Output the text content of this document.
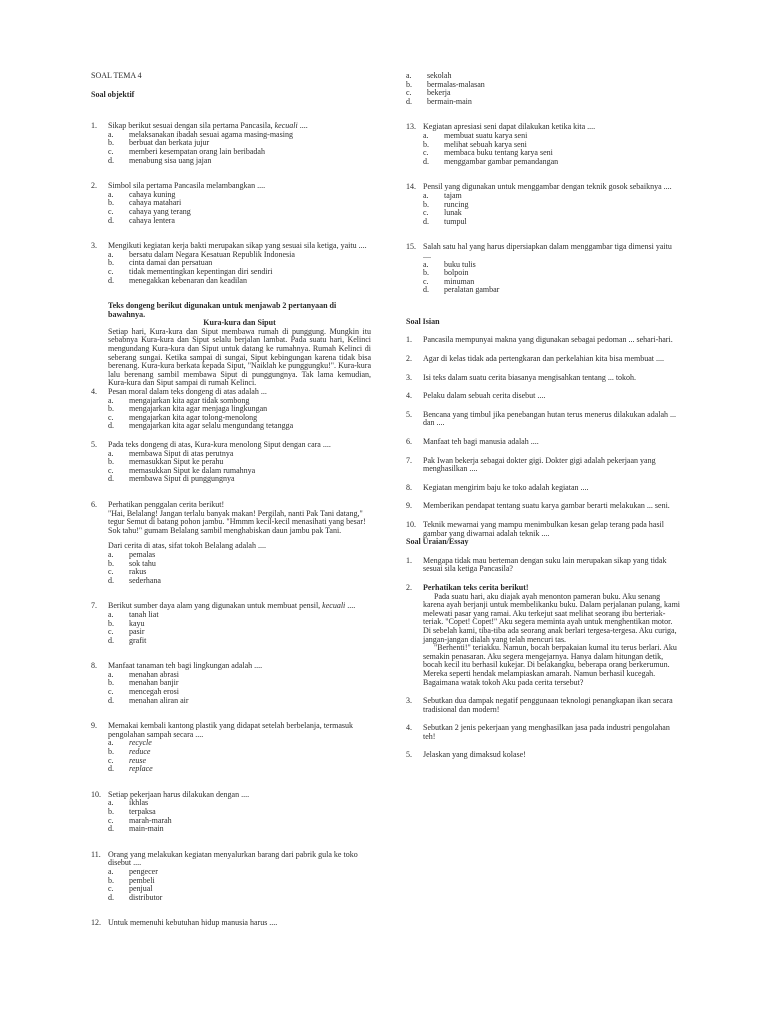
SOAL TEMA 4
Soal objektif
1. Sikap berikut sesuai dengan sila pertama Pancasila, kecuali ....
a. melaksanakan ibadah sesuai agama masing-masing
b. berbuat dan berkata jujur
c. memberi kesempatan orang lain beribadah
d. menabung sisa uang jajan
2. Simbol sila pertama Pancasila melambangkan ....
a. cahaya kuning
b. cahaya matahari
c. cahaya yang terang
d. cahaya lentera
3. Mengikuti kegiatan kerja bakti merupakan sikap yang sesuai sila ketiga, yaitu ....
a. bersatu dalam Negara Kesatuan Republik Indonesia
b. cinta damai dan persatuan
c. tidak mementingkan kepentingan diri sendiri
d. menegakkan kebenaran dan keadilan
Teks dongeng berikut digunakan untuk menjawab 2 pertanyaan di bawahnya.
Kura-kura dan Siput
Setiap hari, Kura-kura dan Siput membawa rumah di punggung. Mungkin itu sebabnya Kura-kura dan Siput selalu berjalan lambat. Pada suatu hari, Kelinci mengundang Kura-kura dan Siput untuk datang ke rumahnya. Rumah Kelinci di seberang sungai. Ketika sampai di sungai, Siput kebingungan karena tidak bisa berenang. Kura-kura berkata kepada Siput, "Naiklah ke punggungku!". Kura-kura lalu berenang sambil membawa Siput di punggungnya. Tak lama kemudian, Kura-kura dan Siput sampai di rumah Kelinci.
4. Pesan moral dalam teks dongeng di atas adalah ...
a. mengajarkan kita agar tidak sombong
b. mengajarkan kita agar menjaga lingkungan
c. mengajarkan kita agar tolong-menolong
d. mengajarkan kita agar selalu mengundang tetangga
5. Pada teks dongeng di atas, Kura-kura menolong Siput dengan cara ....
a. membawa Siput di atas perutnya
b. memasukkan Siput ke perahu
c. memasukkan Siput ke dalam rumahnya
d. membawa Siput di punggungnya
6. Perhatikan penggalan cerita berikut!
"Hai, Belalang! Jangan terlalu banyak makan! Pergilah, nanti Pak Tani datang," tegur Semut di batang pohon jambu. "Hmmm kecil-kecil menasihati yang besar! Sok tahu!" gumam Belalang sambil menghabiskan daun jambu pak Tani.
Dari cerita di atas, sifat tokoh Belalang adalah ....
a. pemalas
b. sok tahu
c. rakus
d. sederhana
7. Berikut sumber daya alam yang digunakan untuk membuat pensil, kecuali ....
a. tanah liat
b. kayu
c. pasir
d. grafit
8. Manfaat tanaman teh bagi lingkungan adalah ....
a. menahan abrasi
b. menahan banjir
c. mencegah erosi
d. menahan aliran air
9. Memakai kembali kantong plastik yang didapat setelah berbelanja, termasuk pengolahan sampah secara ....
a. recycle
b. reduce
c. reuse
d. replace
10. Setiap pekerjaan harus dilakukan dengan ....
a. ikhlas
b. terpaksa
c. marah-marah
d. main-main
11. Orang yang melakukan kegiatan menyalurkan barang dari pabrik gula ke toko disebut ....
a. pengecer
b. pembeli
c. penjual
d. distributor
12. Untuk memenuhi kebutuhan hidup manusia harus ....
a. sekolah
b. bermalas-malasan
c. bekerja
d. bermain-main
13. Kegiatan apresiasi seni dapat dilakukan ketika kita ....
a. membuat suatu karya seni
b. melihat sebuah karya seni
c. membaca buku tentang karya seni
d. menggambar gambar pemandangan
14. Pensil yang digunakan untuk menggambar dengan teknik gosok sebaiknya ....
a. tajam
b. runcing
c. lunak
d. tumpul
15. Salah satu hal yang harus dipersiapkan dalam menggambar tiga dimensi yaitu ....
a. buku tulis
b. bolpoin
c. minuman
d. peralatan gambar
Soal Isian
1. Pancasila mempunyai makna yang digunakan sebagai pedoman ... sehari-hari.
2. Agar di kelas tidak ada pertengkaran dan perkelahian kita bisa membuat ....
3. Isi teks dalam suatu cerita biasanya mengisahkan tentang ... tokoh.
4. Pelaku dalam sebuah cerita disebut ....
5. Bencana yang timbul jika penebangan hutan terus menerus dilakukan adalah ... dan ....
6. Manfaat teh bagi manusia adalah ....
7. Pak Iwan bekerja sebagai dokter gigi. Dokter gigi adalah pekerjaan yang menghasilkan ....
8. Kegiatan mengirim baju ke toko adalah kegiatan ....
9. Memberikan pendapat tentang suatu karya gambar berarti melakukan ... seni.
10. Teknik mewarnai yang mampu menimbulkan kesan gelap terang pada hasil gambar yang diwarnai adalah teknik ....
Soal Uraian/Essay
1. Mengapa tidak mau berteman dengan suku lain merupakan sikap yang tidak sesuai sila ketiga Pancasila?
2. Perhatikan teks cerita berikut!
Pada suatu hari, aku diajak ayah menonton pameran buku. Aku senang karena ayah berjanji untuk membelikanku buku. Dalam perjalanan pulang, kami melewati pasar yang ramai. Aku terkejut saat melihat seorang ibu berteriak-teriak. "Copet! Copet!" Aku segera meminta ayah untuk menghentikan motor. Di sebelah kami, tiba-tiba ada seorang anak berlari tergesa-tergesa. Aku curiga, jangan-jangan dialah yang telah mencuri tas.
"Berhenti!" teriakku. Namun, bocah berpakaian kumal itu terus berlari. Aku semakin penasaran. Aku segera mengejarnya. Hanya dalam hitungan detik, bocah kecil itu berhasil kukejar. Di belakangku, beberapa orang berkerumun. Mereka seperti hendak melampiaskan amarah. Namun berhasil kucegah. Bagaimana watak tokoh Aku pada cerita tersebut?
3. Sebutkan dua dampak negatif penggunaan teknologi penangkapan ikan secara tradisional dan modern!
4. Sebutkan 2 jenis pekerjaan yang menghasilkan jasa pada industri pengolahan teh!
5. Jelaskan yang dimaksud kolase!
